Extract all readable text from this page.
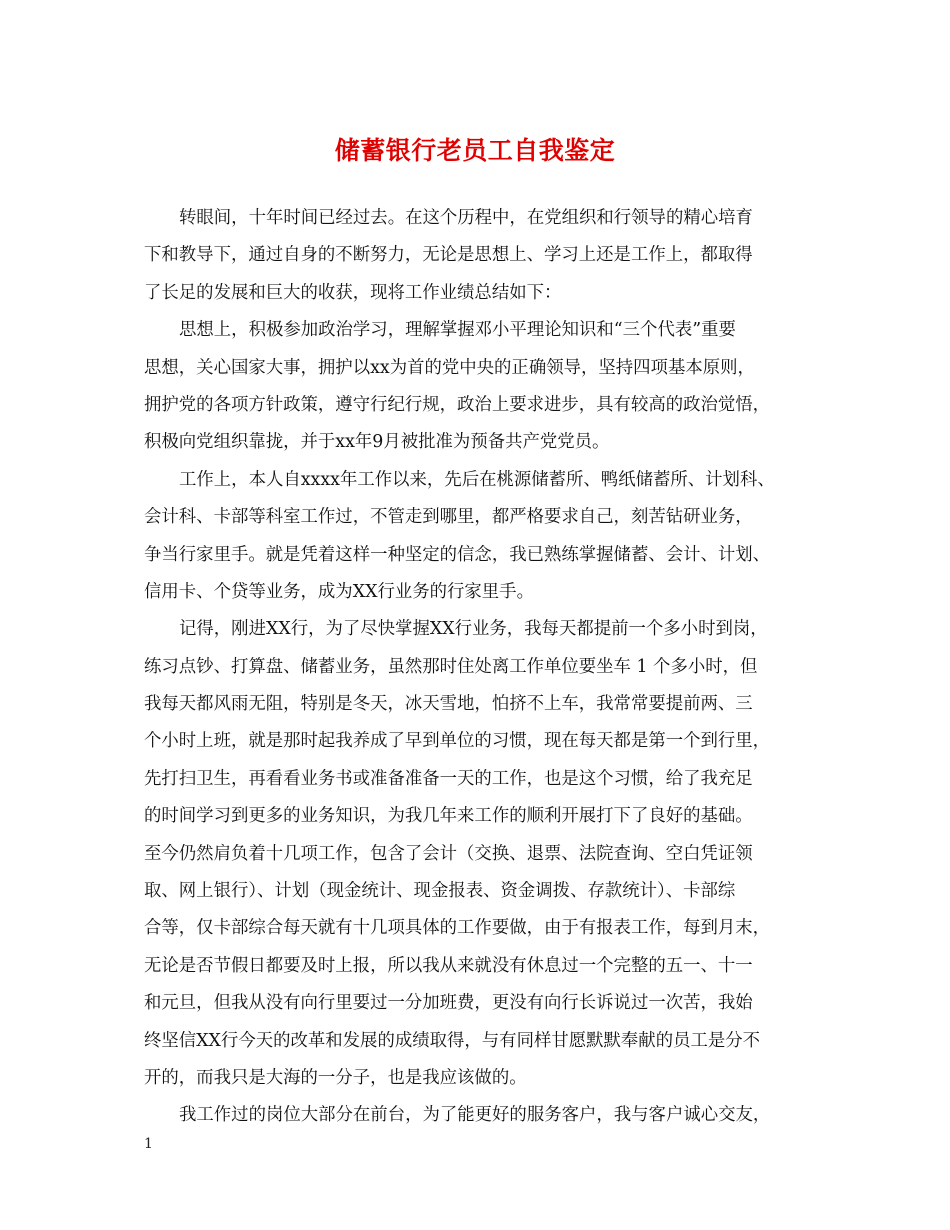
储蓄银行老员工自我鉴定
转眼间，十年时间已经过去。在这个历程中，在党组织和行领导的精心培育
下和教导下，通过自身的不断努力，无论是思想上、学习上还是工作上，都取得
了长足的发展和巨大的收获，现将工作业绩总结如下：
思想上，积极参加政治学习，理解掌握邓小平理论知识和“三个代表”重要
思想，关心国家大事，拥护以xx为首的党中央的正确领导，坚持四项基本原则，
拥护党的各项方针政策，遵守行纪行规，政治上要求进步，具有较高的政治觉悟，
积极向党组织靠拢，并于xx年9月被批准为预备共产党党员。
工作上，本人自xxxx年工作以来，先后在桃源储蓄所、鸭纸储蓄所、计划科、
会计科、卡部等科室工作过，不管走到哪里，都严格要求自己，刻苦钻研业务，
争当行家里手。就是凭着这样一种坚定的信念，我已熟练掌握储蓄、会计、计划、
信用卡、个贷等业务，成为XX行业务的行家里手。
记得，刚进XX行，为了尽快掌握XX行业务，我每天都提前一个多小时到岗，
练习点钞、打算盘、储蓄业务，虽然那时住处离工作单位要坐车 1 个多小时，但
我每天都风雨无阻，特别是冬天，冰天雪地，怕挤不上车，我常常要提前两、三
个小时上班，就是那时起我养成了早到单位的习惯，现在每天都是第一个到行里，
先打扫卫生，再看看业务书或准备准备一天的工作，也是这个习惯，给了我充足
的时间学习到更多的业务知识，为我几年来工作的顺利开展打下了良好的基础。
至今仍然肩负着十几项工作，包含了会计（交换、退票、法院查询、空白凭证领
取、网上银行）、计划（现金统计、现金报表、资金调拨、存款统计）、卡部综
合等，仅卡部综合每天就有十几项具体的工作要做，由于有报表工作，每到月末，
无论是否节假日都要及时上报，所以我从来就没有休息过一个完整的五一、十一
和元旦，但我从没有向行里要过一分加班费，更没有向行长诉说过一次苦，我始
终坚信XX行今天的改革和发展的成绩取得，与有同样甘愿默默奉献的员工是分不
开的，而我只是大海的一分子，也是我应该做的。
我工作过的岗位大部分在前台，为了能更好的服务客户，我与客户诚心交友，
1
